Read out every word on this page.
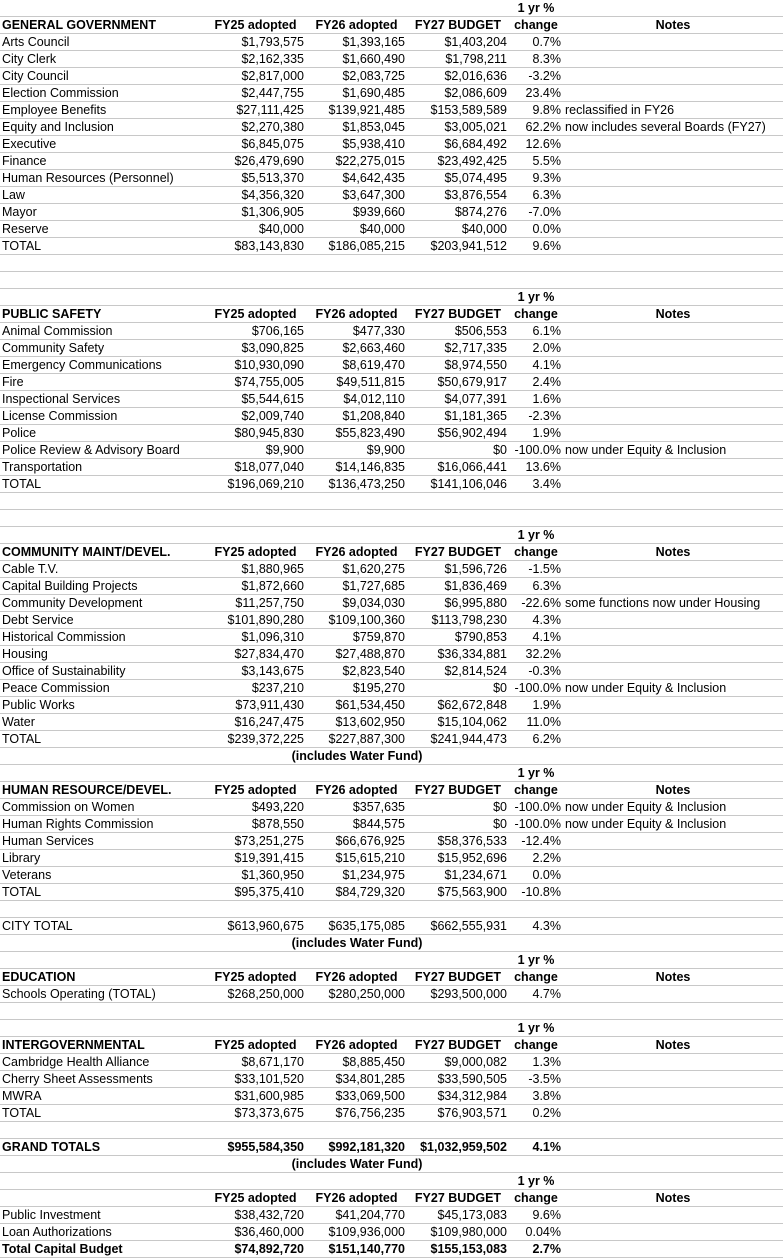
				1 yr %	
GENERAL GOVERNMENT	FY25 adopted	FY26 adopted	FY27 BUDGET	change	Notes
Arts Council	$1,793,575	$1,393,165	$1,403,204	0.7%	
City Clerk	$2,162,335	$1,660,490	$1,798,211	8.3%	
City Council	$2,817,000	$2,083,725	$2,016,636	-3.2%	
Election Commission	$2,447,755	$1,690,485	$2,086,609	23.4%	
Employee Benefits	$27,111,425	$139,921,485	$153,589,589	9.8%	reclassified in FY26
Equity and Inclusion	$2,270,380	$1,853,045	$3,005,021	62.2%	now includes several Boards (FY27)
Executive	$6,845,075	$5,938,410	$6,684,492	12.6%	
Finance	$26,479,690	$22,275,015	$23,492,425	5.5%	
Human Resources (Personnel)	$5,513,370	$4,642,435	$5,074,495	9.3%	
Law	$4,356,320	$3,647,300	$3,876,554	6.3%	
Mayor	$1,306,905	$939,660	$874,276	-7.0%	
Reserve	$40,000	$40,000	$40,000	0.0%	
TOTAL	$83,143,830	$186,085,215	$203,941,512	9.6%	

				1 yr %	
PUBLIC SAFETY	FY25 adopted	FY26 adopted	FY27 BUDGET	change	Notes
Animal Commission	$706,165	$477,330	$506,553	6.1%	
Community Safety	$3,090,825	$2,663,460	$2,717,335	2.0%	
Emergency Communications	$10,930,090	$8,619,470	$8,974,550	4.1%	
Fire	$74,755,005	$49,511,815	$50,679,917	2.4%	
Inspectional Services	$5,544,615	$4,012,110	$4,077,391	1.6%	
License Commission	$2,009,740	$1,208,840	$1,181,365	-2.3%	
Police	$80,945,830	$55,823,490	$56,902,494	1.9%	
Police Review & Advisory Board	$9,900	$9,900	$0	-100.0%	now under Equity & Inclusion
Transportation	$18,077,040	$14,146,835	$16,066,441	13.6%	
TOTAL	$196,069,210	$136,473,250	$141,106,046	3.4%	

				1 yr %	
COMMUNITY MAINT/DEVEL.	FY25 adopted	FY26 adopted	FY27 BUDGET	change	Notes
Cable T.V.	$1,880,965	$1,620,275	$1,596,726	-1.5%	
Capital Building Projects	$1,872,660	$1,727,685	$1,836,469	6.3%	
Community Development	$11,257,750	$9,034,030	$6,995,880	-22.6%	some functions now under Housing
Debt Service	$101,890,280	$109,100,360	$113,798,230	4.3%	
Historical Commission	$1,096,310	$759,870	$790,853	4.1%	
Housing	$27,834,470	$27,488,870	$36,334,881	32.2%	
Office of Sustainability	$3,143,675	$2,823,540	$2,814,524	-0.3%	
Peace Commission	$237,210	$195,270	$0	-100.0%	now under Equity & Inclusion
Public Works	$73,911,430	$61,534,450	$62,672,848	1.9%	
Water	$16,247,475	$13,602,950	$15,104,062	11.0%	
TOTAL	$239,372,225	$227,887,300	$241,944,473	6.2%	
	(includes Water Fund)				
				1 yr %	
HUMAN RESOURCE/DEVEL.	FY25 adopted	FY26 adopted	FY27 BUDGET	change	Notes
Commission on Women	$493,220	$357,635	$0	-100.0%	now under Equity & Inclusion
Human Rights Commission	$878,550	$844,575	$0	-100.0%	now under Equity & Inclusion
Human Services	$73,251,275	$66,676,925	$58,376,533	-12.4%	
Library	$19,391,415	$15,615,210	$15,952,696	2.2%	
Veterans	$1,360,950	$1,234,975	$1,234,671	0.0%	
TOTAL	$95,375,410	$84,729,320	$75,563,900	-10.8%	

CITY TOTAL	$613,960,675	$635,175,085	$662,555,931	4.3%	
	(includes Water Fund)				
				1 yr %	
EDUCATION	FY25 adopted	FY26 adopted	FY27 BUDGET	change	Notes
Schools Operating (TOTAL)	$268,250,000	$280,250,000	$293,500,000	4.7%	

				1 yr %	
INTERGOVERNMENTAL	FY25 adopted	FY26 adopted	FY27 BUDGET	change	Notes
Cambridge Health Alliance	$8,671,170	$8,885,450	$9,000,082	1.3%	
Cherry Sheet Assessments	$33,101,520	$34,801,285	$33,590,505	-3.5%	
MWRA	$31,600,985	$33,069,500	$34,312,984	3.8%	
TOTAL	$73,373,675	$76,756,235	$76,903,571	0.2%	

GRAND TOTALS	$955,584,350	$992,181,320	$1,032,959,502	4.1%	
	(includes Water Fund)				
				1 yr %	
	FY25 adopted	FY26 adopted	FY27 BUDGET	change	Notes
Public Investment	$38,432,720	$41,204,770	$45,173,083	9.6%	
Loan Authorizations	$36,460,000	$109,936,000	$109,980,000	0.04%	
Total Capital Budget	$74,892,720	$151,140,770	$155,153,083	2.7%	
